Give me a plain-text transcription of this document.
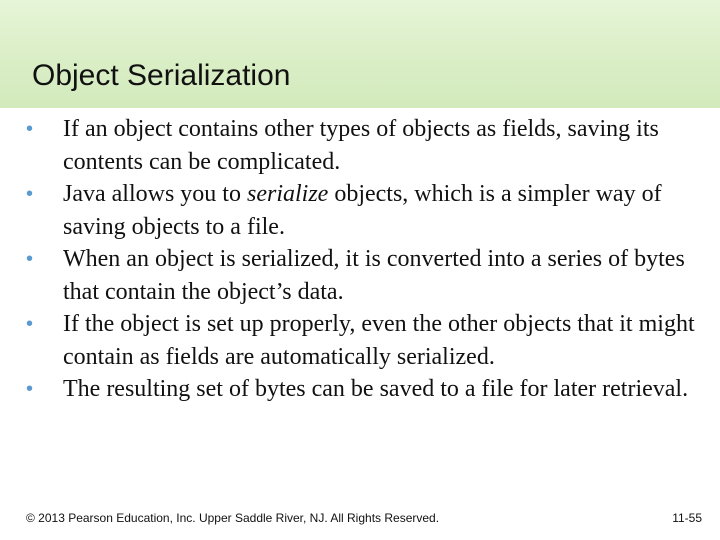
Object Serialization
• If an object contains other types of objects as fields, saving its contents can be complicated.
• Java allows you to serialize objects, which is a simpler way of saving objects to a file.
• When an object is serialized, it is converted into a series of bytes that contain the object’s data.
• If the object is set up properly, even the other objects that it might contain as fields are automatically serialized.
• The resulting set of bytes can be saved to a file for later retrieval.
© 2013 Pearson Education, Inc. Upper Saddle River, NJ. All Rights Reserved.	11-55
